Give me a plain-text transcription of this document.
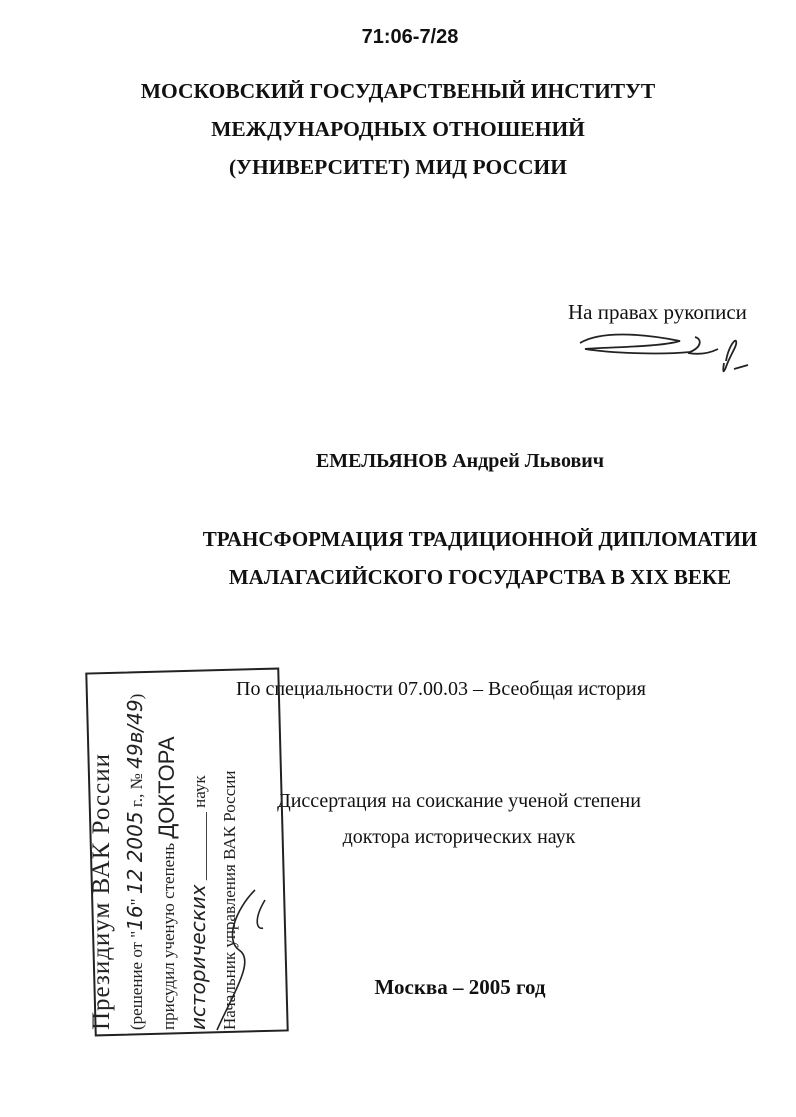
71:06-7/28
МОСКОВСКИЙ ГОСУДАРСТВЕНЫЙ ИНСТИТУТ
МЕЖДУНАРОДНЫХ ОТНОШЕНИЙ
(УНИВЕРСИТЕТ) МИД РОССИИ
На правах рукописи
ЕМЕЛЬЯНОВ Андрей Львович
ТРАНСФОРМАЦИЯ ТРАДИЦИОННОЙ ДИПЛОМАТИИ
МАЛАГАСИЙСКОГО ГОСУДАРСТВА В XIX ВЕКЕ
По специальности 07.00.03 – Всеобщая история
Диссертация на соискание ученой степени
доктора исторических наук
Москва – 2005 год
Президиум ВАК России (решение от "16" 12 2005 г., № 49в/49)
присудил ученую степень ДОКТОРА
исторических ________ наук Начальник управления ВАК России
